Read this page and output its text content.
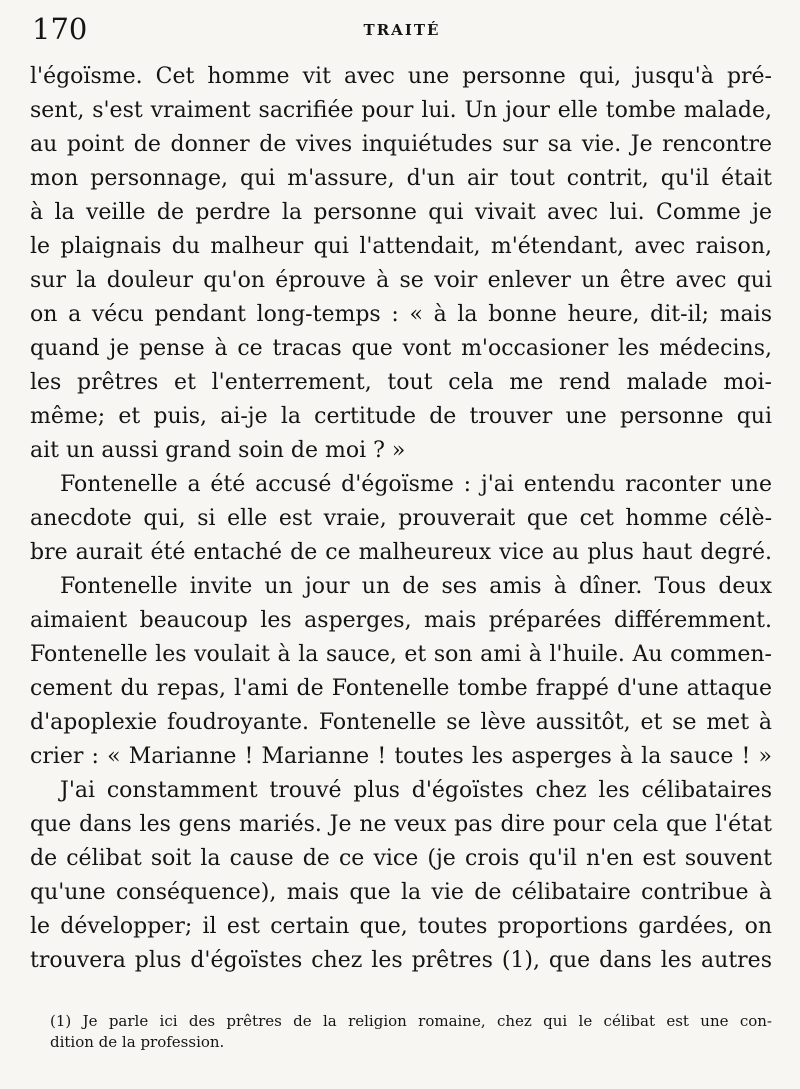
170	TRAITÉ
l'égoïsme. Cet homme vit avec une personne qui, jusqu'à pré-
sent, s'est vraiment sacrifiée pour lui. Un jour elle tombe malade,
au point de donner de vives inquiétudes sur sa vie. Je rencontre
mon personnage, qui m'assure, d'un air tout contrit, qu'il était
à la veille de perdre la personne qui vivait avec lui. Comme je
le plaignais du malheur qui l'attendait, m'étendant, avec raison,
sur la douleur qu'on éprouve à se voir enlever un être avec qui
on a vécu pendant long-temps : « à la bonne heure, dit-il; mais
quand je pense à ce tracas que vont m'occasioner les médecins,
les prêtres et l'enterrement, tout cela me rend malade moi-
même; et puis, ai-je la certitude de trouver une personne qui
ait un aussi grand soin de moi ? »
Fontenelle a été accusé d'égoïsme : j'ai entendu raconter une
anecdote qui, si elle est vraie, prouverait que cet homme célè-
bre aurait été entaché de ce malheureux vice au plus haut degré.
Fontenelle invite un jour un de ses amis à dîner. Tous deux
aimaient beaucoup les asperges, mais préparées différemment.
Fontenelle les voulait à la sauce, et son ami à l'huile. Au commen-
cement du repas, l'ami de Fontenelle tombe frappé d'une attaque
d'apoplexie foudroyante. Fontenelle se lève aussitôt, et se met à
crier : « Marianne ! Marianne ! toutes les asperges à la sauce ! »
J'ai constamment trouvé plus d'égoïstes chez les célibataires
que dans les gens mariés. Je ne veux pas dire pour cela que l'état
de célibat soit la cause de ce vice (je crois qu'il n'en est souvent
qu'une conséquence), mais que la vie de célibataire contribue à
le développer; il est certain que, toutes proportions gardées, on
trouvera plus d'égoïstes chez les prêtres (1), que dans les autres
(1) Je parle ici des prêtres de la religion romaine, chez qui le célibat est une con-
dition de la profession.
